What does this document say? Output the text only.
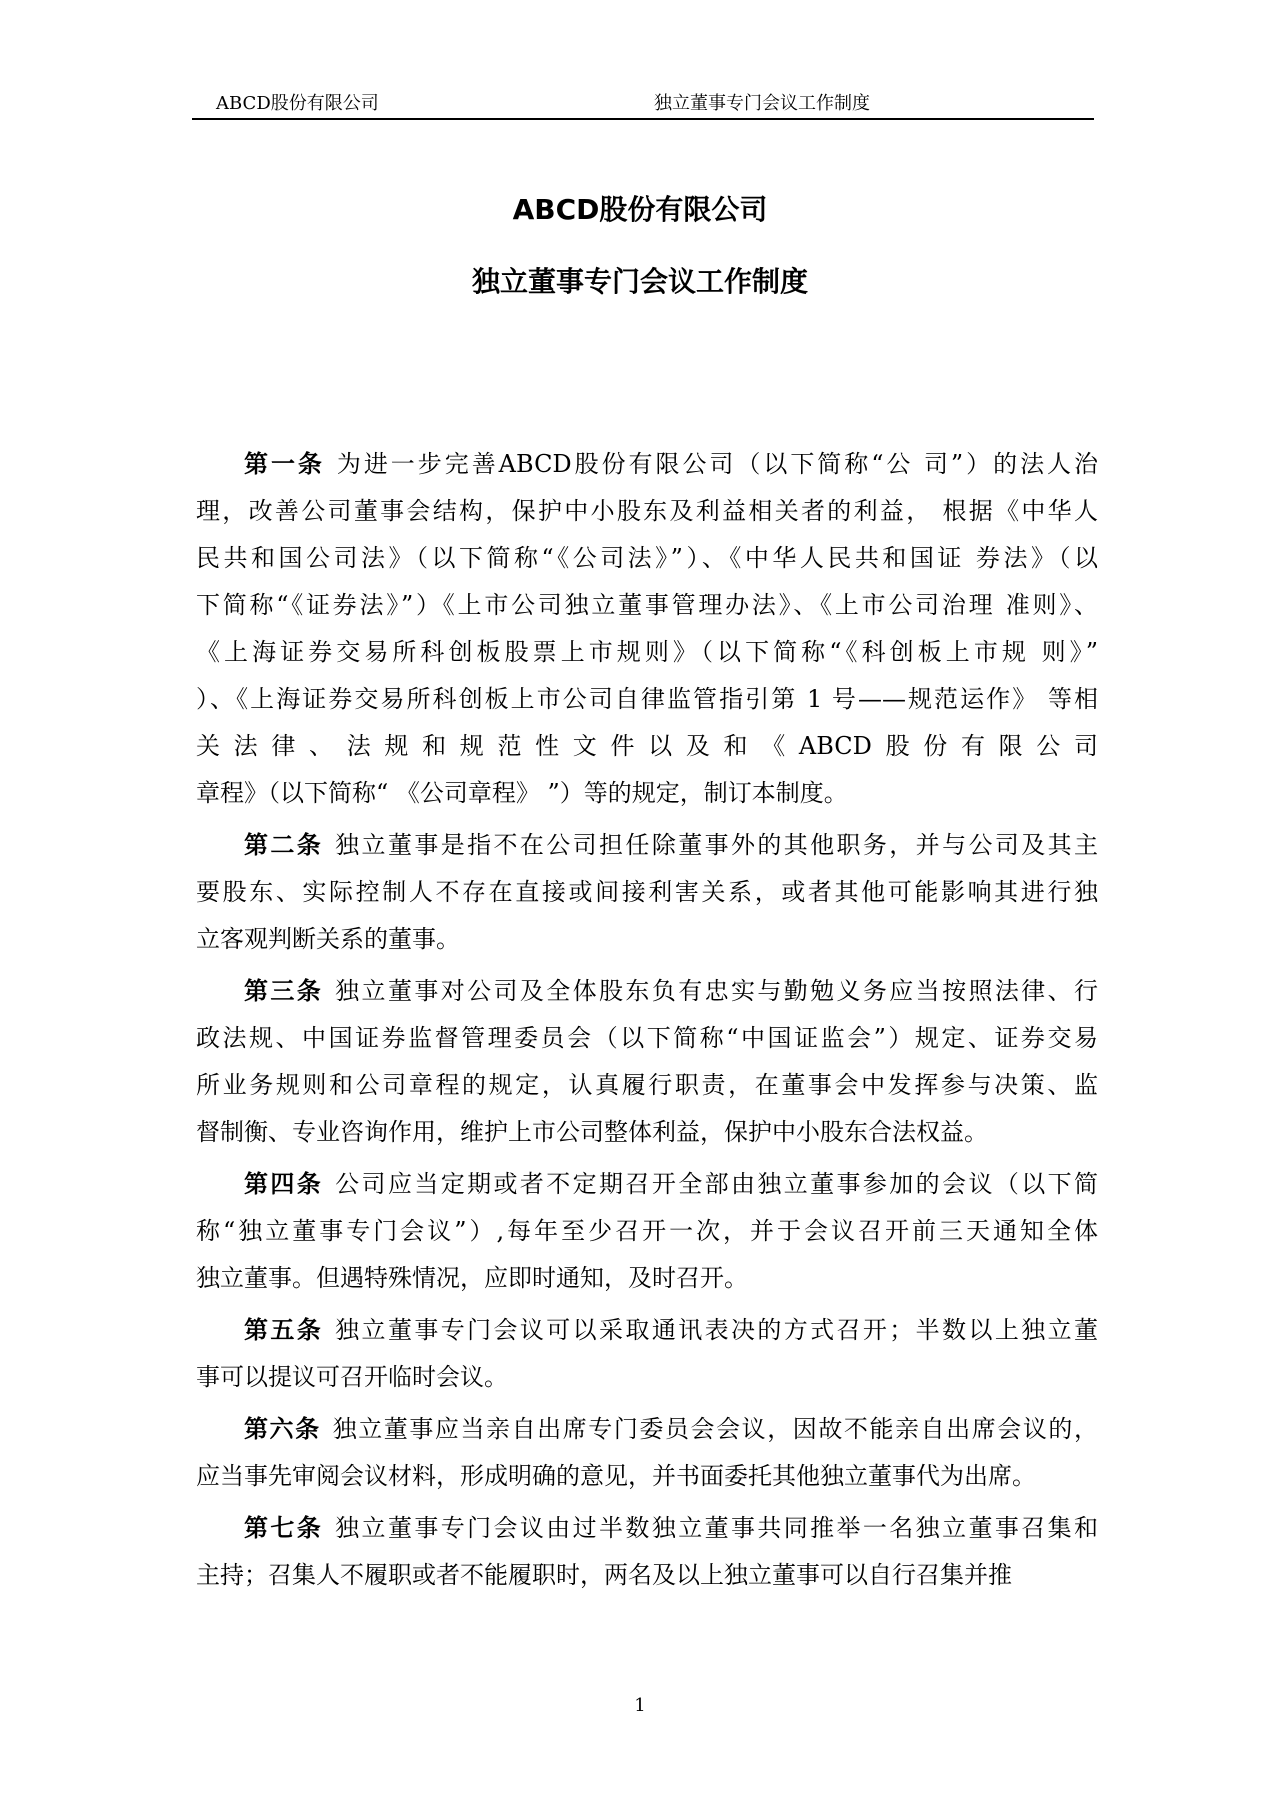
ABCD股份有限公司	独立董事专门会议工作制度
ABCD股份有限公司
独立董事专门会议工作制度
第一条 为进一步完善ABCD股份有限公司（以下简称“公 司”）的法人治
理，改善公司董事会结构，保护中小股东及利益相关者的利益， 根据《中华人
民共和国公司法》（以下简称“《公司法》”）、《中华人民共和国证 券法》（以
下简称“《证券法》”）《上市公司独立董事管理办法》、《上市公司治理 准则》、
《上海证券交易所科创板股票上市规则》（以下简称“《科创板上市规 则》”
）、《上海证券交易所科创板上市公司自律监管指引第 1 号——规范运作》 等相
关法律、法规和规范性文件以及和《ABCD股份有限公司
章程》（以下简称“ 《公司章程》 ”）等的规定，制订本制度。
第二条 独立董事是指不在公司担任除董事外的其他职务，并与公司及其主
要股东、实际控制人不存在直接或间接利害关系，或者其他可能影响其进行独
立客观判断关系的董事。
第三条 独立董事对公司及全体股东负有忠实与勤勉义务应当按照法律、行
政法规、中国证券监督管理委员会（以下简称“中国证监会”）规定、证券交易
所业务规则和公司章程的规定，认真履行职责，在董事会中发挥参与决策、监
督制衡、专业咨询作用，维护上市公司整体利益，保护中小股东合法权益。
第四条 公司应当定期或者不定期召开全部由独立董事参加的会议（以下简
称“独立董事专门会议”）,每年至少召开一次，并于会议召开前三天通知全体
独立董事。但遇特殊情况，应即时通知，及时召开。
第五条 独立董事专门会议可以采取通讯表决的方式召开；半数以上独立董
事可以提议可召开临时会议。
第六条 独立董事应当亲自出席专门委员会会议，因故不能亲自出席会议的，
应当事先审阅会议材料，形成明确的意见，并书面委托其他独立董事代为出席。
第七条 独立董事专门会议由过半数独立董事共同推举一名独立董事召集和
主持；召集人不履职或者不能履职时，两名及以上独立董事可以自行召集并推
1
